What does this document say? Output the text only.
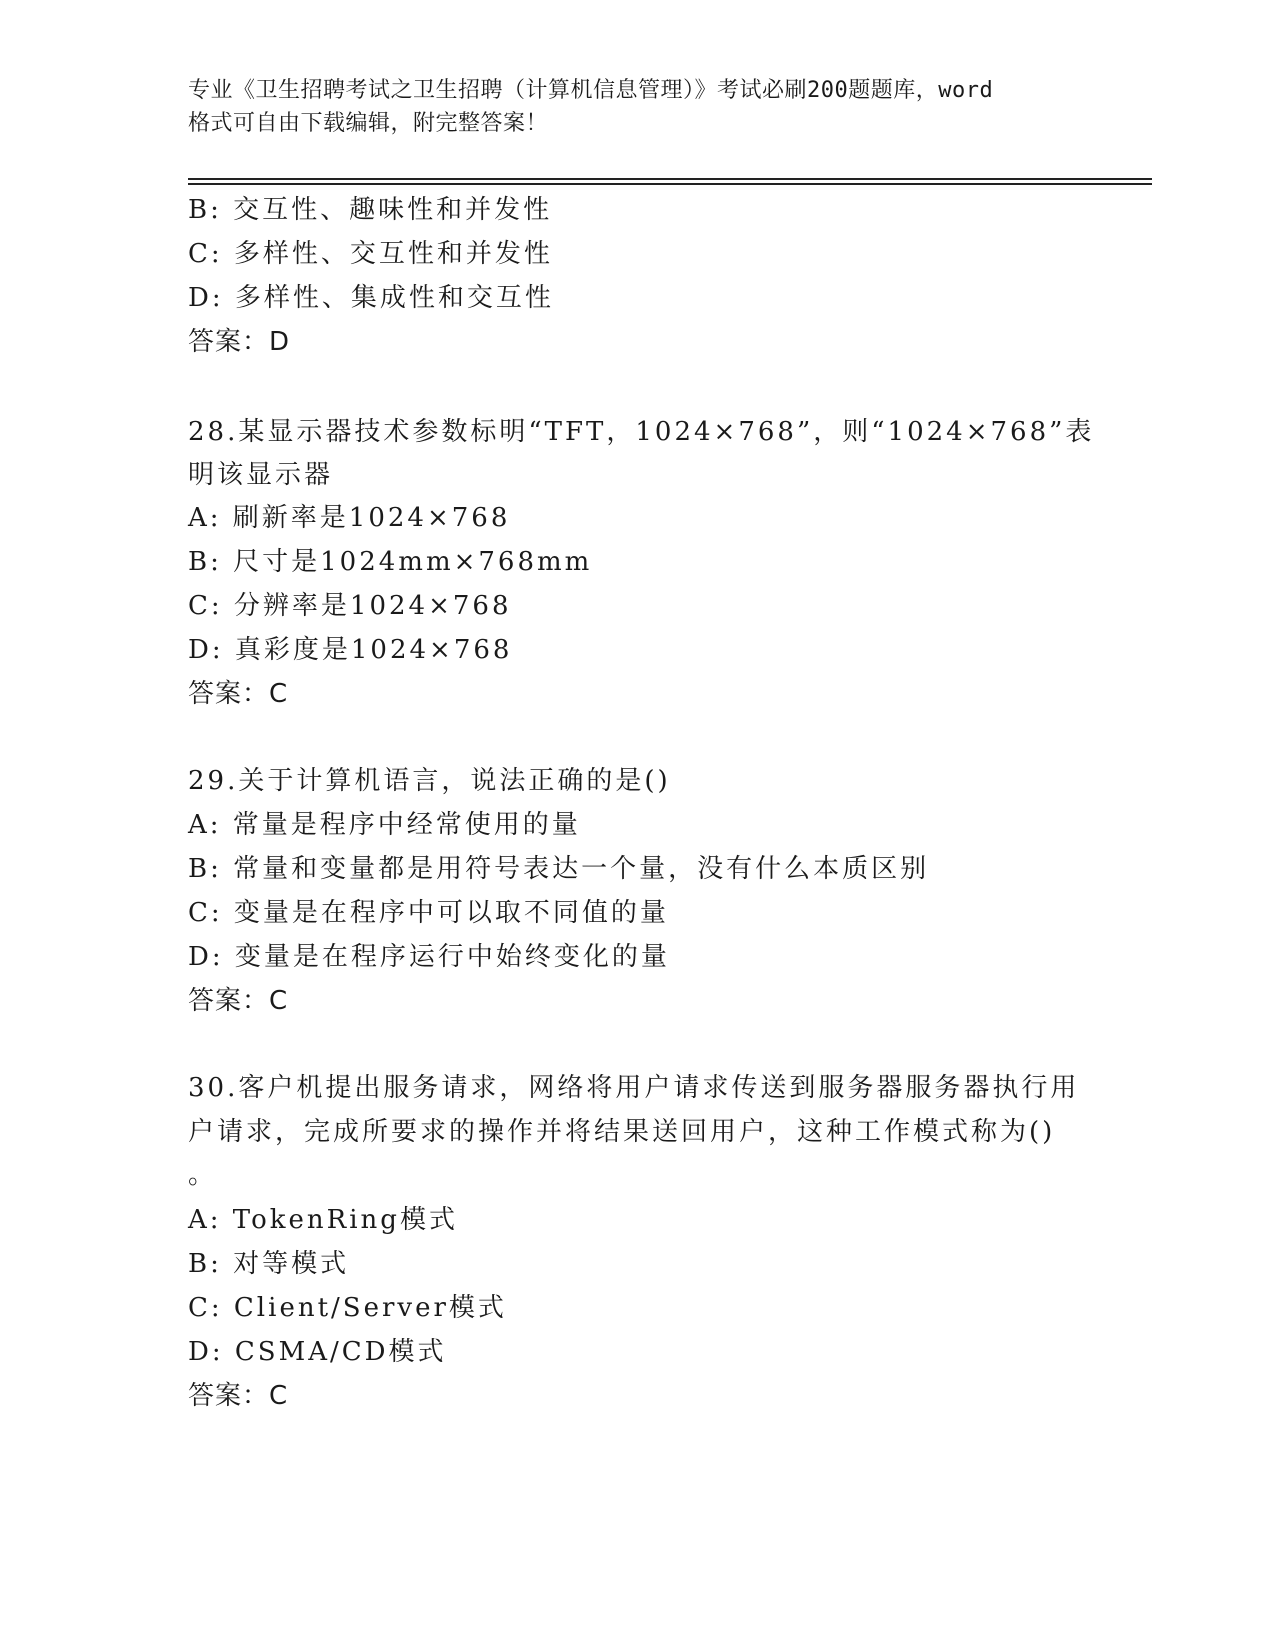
专业《卫生招聘考试之卫生招聘（计算机信息管理）》考试必刷200题题库，word
格式可自由下载编辑，附完整答案！
B: 交互性、趣味性和并发性
C: 多样性、交互性和并发性
D: 多样性、集成性和交互性
答案：D
28.某显示器技术参数标明“TFT，1024×768”，则“1024×768”表
明该显示器
A: 刷新率是1024×768
B: 尺寸是1024mm×768mm
C: 分辨率是1024×768
D: 真彩度是1024×768
答案：C
29.关于计算机语言，说法正确的是()
A: 常量是程序中经常使用的量
B: 常量和变量都是用符号表达一个量，没有什么本质区别
C: 变量是在程序中可以取不同值的量
D: 变量是在程序运行中始终变化的量
答案：C
30.客户机提出服务请求，网络将用户请求传送到服务器服务器执行用
户请求，完成所要求的操作并将结果送回用户，这种工作模式称为()
。
A: TokenRing模式
B: 对等模式
C: Client/Server模式
D: CSMA/CD模式
答案：C
